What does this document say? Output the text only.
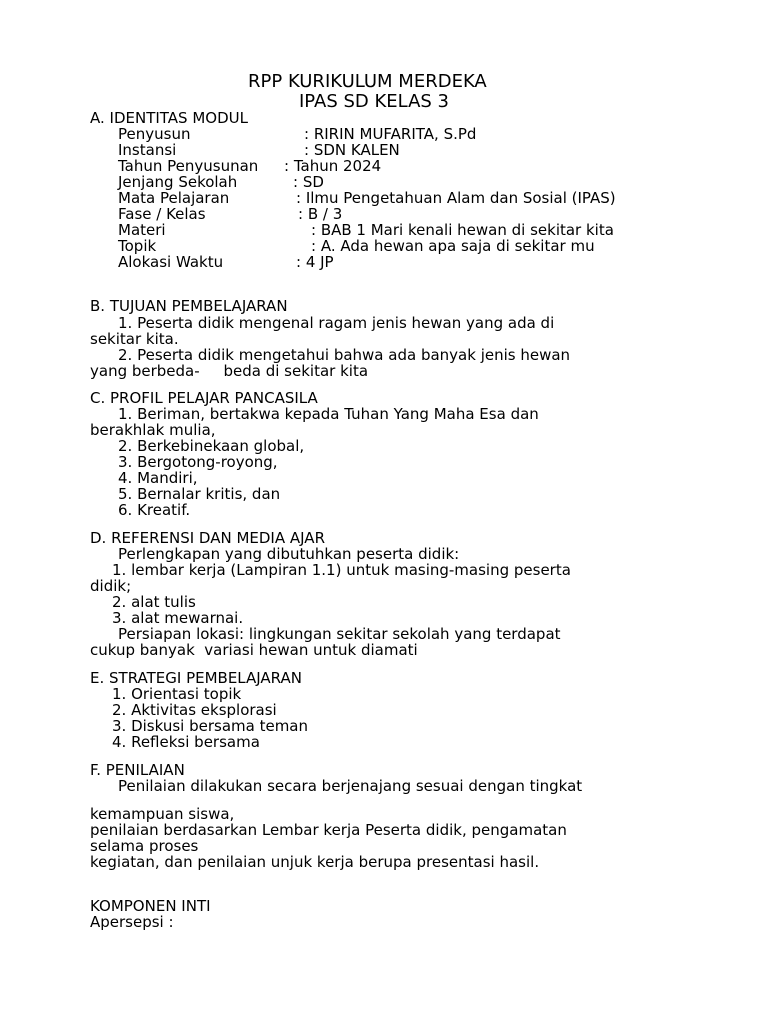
RPP KURIKULUM MERDEKA
IPAS SD KELAS 3
A. IDENTITAS MODUL
Penyusun	: RIRIN MUFARITA, S.Pd
Instansi	: SDN KALEN
Tahun Penyusunan : Tahun 2024
Jenjang Sekolah	: SD
Mata Pelajaran	: Ilmu Pengetahuan Alam dan Sosial (IPAS)
Fase / Kelas	: B / 3
Materi	: BAB 1 Mari kenali hewan di sekitar kita
Topik	: A. Ada hewan apa saja di sekitar mu
Alokasi Waktu	: 4 JP
B. TUJUAN PEMBELAJARAN
1. Peserta didik mengenal ragam jenis hewan yang ada di
sekitar kita.
2. Peserta didik mengetahui bahwa ada banyak jenis hewan
yang berbeda-     beda di sekitar kita
C. PROFIL PELAJAR PANCASILA
1. Beriman, bertakwa kepada Tuhan Yang Maha Esa dan
berakhlak mulia,
2. Berkebinekaan global,
3. Bergotong-royong,
4. Mandiri,
5. Bernalar kritis, dan
6. Kreatif.
D. REFERENSI DAN MEDIA AJAR
Perlengkapan yang dibutuhkan peserta didik:
1. lembar kerja (Lampiran 1.1) untuk masing-masing peserta
didik;
2. alat tulis
3. alat mewarnai.
Persiapan lokasi: lingkungan sekitar sekolah yang terdapat
cukup banyak  variasi hewan untuk diamati
E. STRATEGI PEMBELAJARAN
1. Orientasi topik
2. Aktivitas eksplorasi
3. Diskusi bersama teman
4. Refleksi bersama
F. PENILAIAN
Penilaian dilakukan secara berjenajang sesuai dengan tingkat
kemampuan siswa,
penilaian berdasarkan Lembar kerja Peserta didik, pengamatan
selama proses
kegiatan, dan penilaian unjuk kerja berupa presentasi hasil.
KOMPONEN INTI
Apersepsi :
